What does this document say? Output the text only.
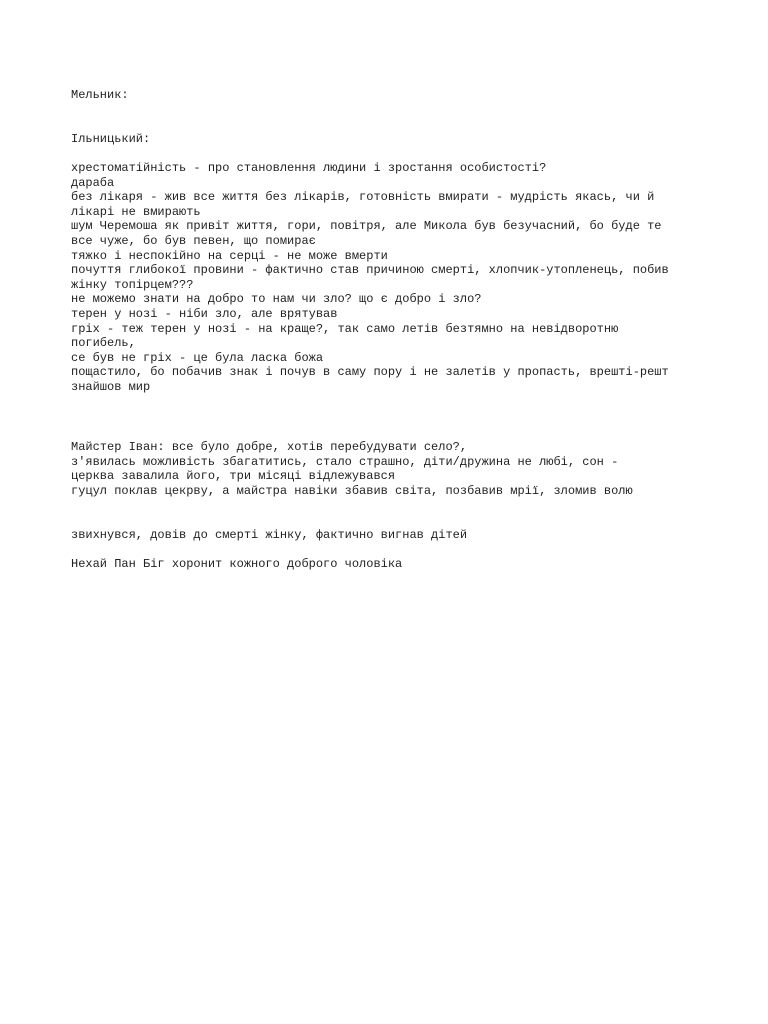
Мельник:
Ільницький:
хрестоматійність - про становлення людини і зростання особистості?
дараба
без лікаря - жив все життя без лікарів, готовність вмирати - мудрість якась, чи й
лікарі не вмирають
шум Черемоша як привіт життя, гори, повітря, але Микола був безучасний, бо буде те
все чуже, бо був певен, що помирає
тяжко і неспокійно на серці - не може вмерти
почуття глибокої провини - фактично став причиною смерті, хлопчик-утопленець, побив
жінку топірцем???
не можемо знати на добро то нам чи зло? що є добро і зло?
терен у нозі - ніби зло, але врятував
гріх - теж терен у нозі - на краще?, так само летів безтямно на невідворотню
погибель,
се був не гріх - це була ласка божа
пощастило, бо побачив знак і почув в саму пору і не залетів у пропасть, врешті-решт
знайшов мир
Майстер Іван: все було добре, хотів перебудувати село?,
з'явилась можливість збагатитись, стало страшно, діти/дружина не любі, сон -
церква завалила його, три місяці відлежувався
гуцул поклав цекрву, а майстра навіки збавив світа, позбавив мрії, зломив волю
звихнувся, довів до смерті жінку, фактично вигнав дітей
Нехай Пан Біг хоронит кожного доброго чоловіка
